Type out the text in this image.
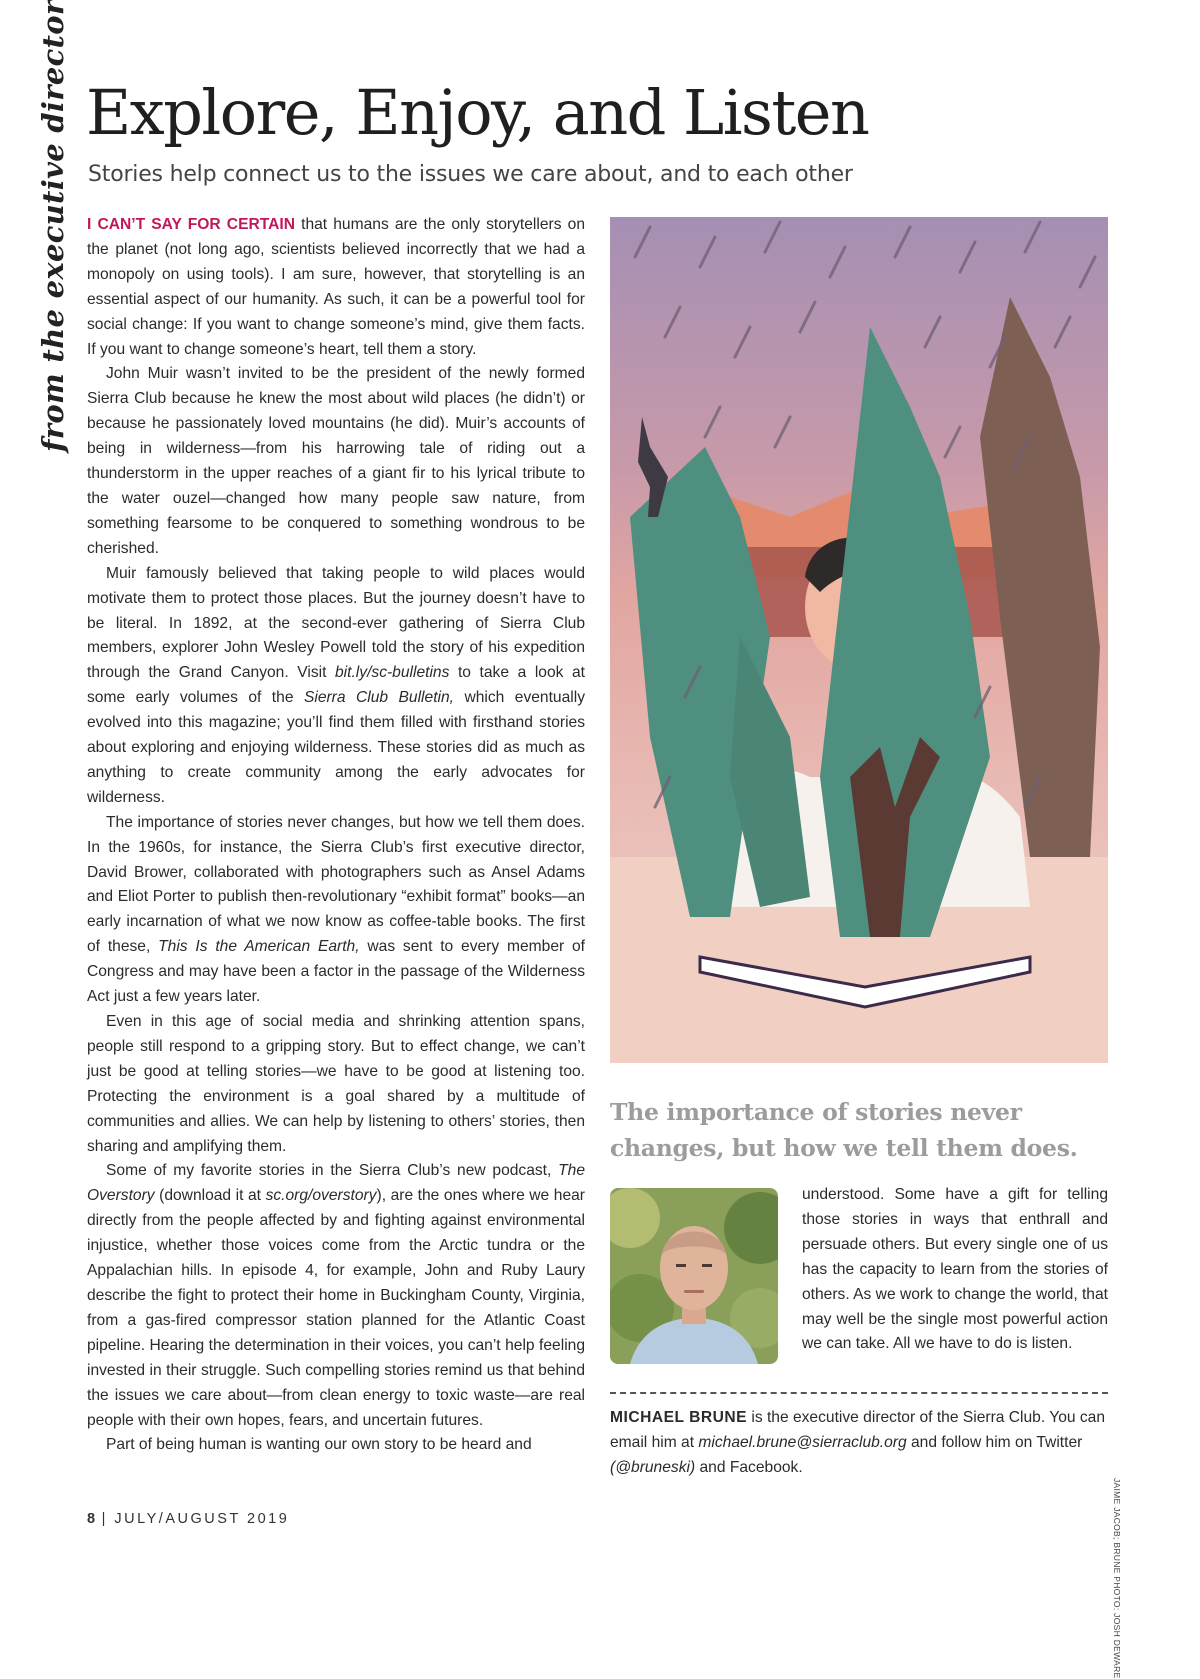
from the executive director Explore, Enjoy, and Listen

Stories help connect us to the issues we care about, and to each other

I CAN’T SAY FOR CERTAIN that humans are the only storytellers on the planet (not long ago, scientists believed incorrectly that we had a monopoly on using tools). I am sure, however, that storytelling is an essential aspect of our humanity. As such, it can be a powerful tool for social change: If you want to change someone’s mind, give them facts. If you want to change someone’s heart, tell them a story.

John Muir wasn’t invited to be the president of the newly formed Sierra Club because he knew the most about wild places (he didn’t) or because he passionately loved mountains (he did). Muir’s accounts of being in wilderness—from his harrowing tale of riding out a thunderstorm in the upper reaches of a giant fir to his lyrical tribute to the water ouzel—changed how many people saw nature, from something fearsome to be conquered to something wondrous to be cherished.

Muir famously believed that taking people to wild places would motivate them to protect those places. But the journey doesn’t have to be literal. In 1892, at the second-ever gathering of Sierra Club members, explorer John Wesley Powell told the story of his expedition through the Grand Canyon. Visit bit.ly/sc-bulletins to take a look at some early volumes of the Sierra Club Bulletin, which eventually evolved into this magazine; you’ll find them filled with firsthand stories about exploring and enjoying wilderness. These stories did as much as anything to create community among the early advocates for wilderness.

The importance of stories never changes, but how we tell them does. In the 1960s, for instance, the Sierra Club’s first executive director, David Brower, collaborated with photographers such as Ansel Adams and Eliot Porter to publish then-revolutionary “exhibit format” books—an early incarnation of what we now know as coffee-table books. The first of these, This Is the American Earth, was sent to every member of Congress and may have been a factor in the passage of the Wilderness Act just a few years later.

Even in this age of social media and shrinking attention spans, people still respond to a gripping story. But to effect change, we can’t just be good at telling stories—we have to be good at listening too. Protecting the environment is a goal shared by a multitude of communities and allies. We can help by listening to others’ stories, then sharing and amplifying them.

Some of my favorite stories in the Sierra Club’s new podcast, The Overstory (download it at sc.org/overstory), are the ones where we hear directly from the people affected by and fighting against environmental injustice, whether those voices come from the Arctic tundra or the Appalachian hills. In episode 4, for example, John and Ruby Laury describe the fight to protect their home in Buckingham County, Virginia, from a gas-fired compressor station planned for the Atlantic Coast pipeline. Hearing the determination in their voices, you can’t help feeling invested in their struggle. Such compelling stories remind us that behind the issues we care about—from clean energy to toxic waste—are real people with their own hopes, fears, and uncertain futures.

Part of being human is wanting our own story to be heard and

The importance of stories never changes, but how we tell them does.

understood. Some have a gift for telling those stories in ways that enthrall and persuade others. But every single one of us has the capacity to learn from the stories of others. As we work to change the world, that may well be the single most powerful action we can take. All we have to do is listen.

MICHAEL BRUNE is the executive director of the Sierra Club. You can email him at michael.brune@sierraclub.org and follow him on Twitter (@bruneski) and Facebook.

JAIME JACOB; BRUNE PHOTO: JOSH DEWARE

8 | JULY/AUGUST 2019
